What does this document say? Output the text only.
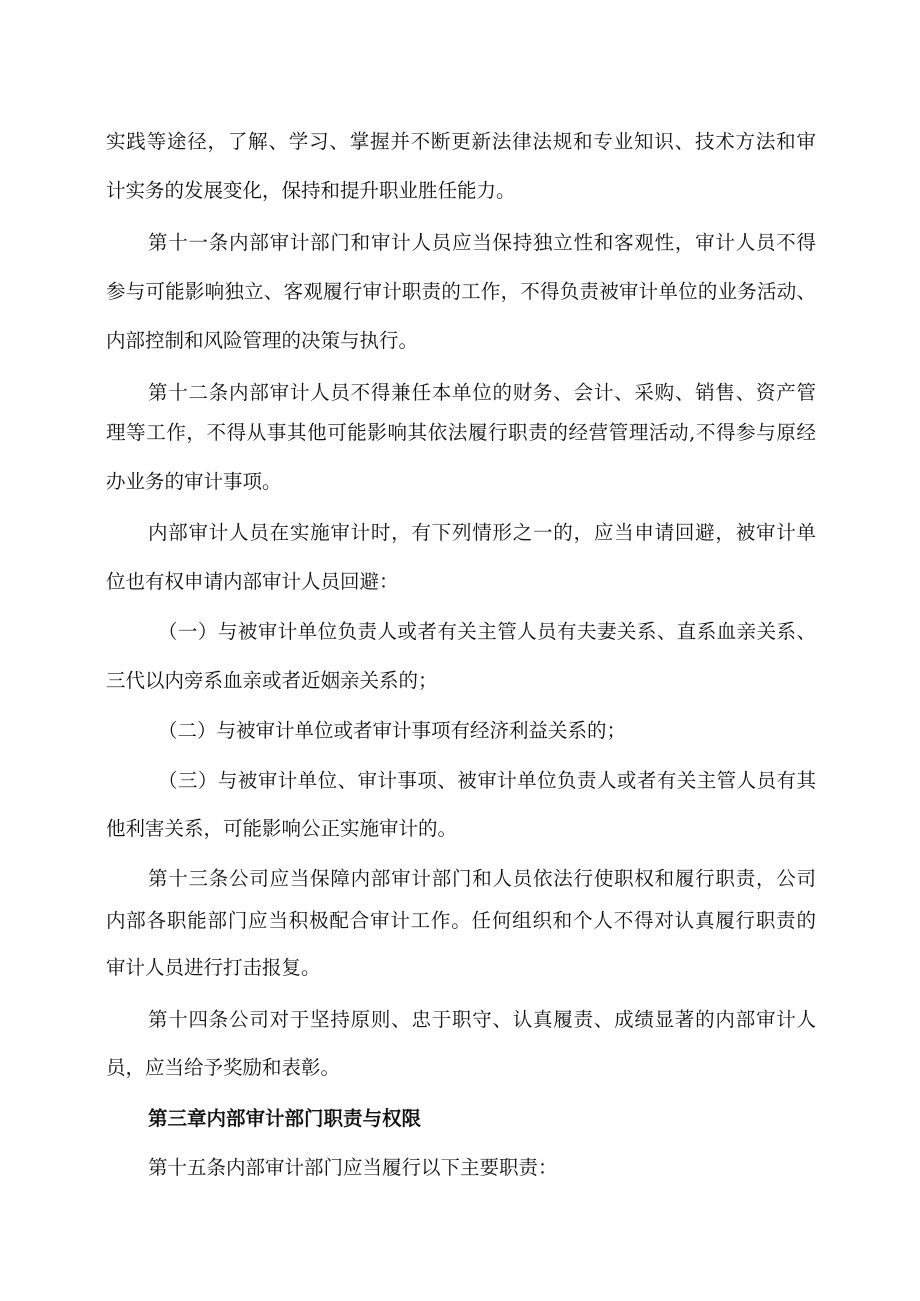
实践等途径，了解、学习、掌握并不断更新法律法规和专业知识、技术方法和审
计实务的发展变化，保持和提升职业胜任能力。
第十一条内部审计部门和审计人员应当保持独立性和客观性，审计人员不得
参与可能影响独立、客观履行审计职责的工作，不得负责被审计单位的业务活动、
内部控制和风险管理的决策与执行。
第十二条内部审计人员不得兼任本单位的财务、会计、采购、销售、资产管
理等工作，不得从事其他可能影响其依法履行职责的经营管理活动,不得参与原经
办业务的审计事项。
内部审计人员在实施审计时，有下列情形之一的，应当申请回避，被审计单
位也有权申请内部审计人员回避：
（一）与被审计单位负责人或者有关主管人员有夫妻关系、直系血亲关系、
三代以内旁系血亲或者近姻亲关系的；
（二）与被审计单位或者审计事项有经济利益关系的；
（三）与被审计单位、审计事项、被审计单位负责人或者有关主管人员有其
他利害关系，可能影响公正实施审计的。
第十三条公司应当保障内部审计部门和人员依法行使职权和履行职责，公司
内部各职能部门应当积极配合审计工作。任何组织和个人不得对认真履行职责的
审计人员进行打击报复。
第十四条公司对于坚持原则、忠于职守、认真履责、成绩显著的内部审计人
员，应当给予奖励和表彰。
第三章内部审计部门职责与权限
第十五条内部审计部门应当履行以下主要职责：
